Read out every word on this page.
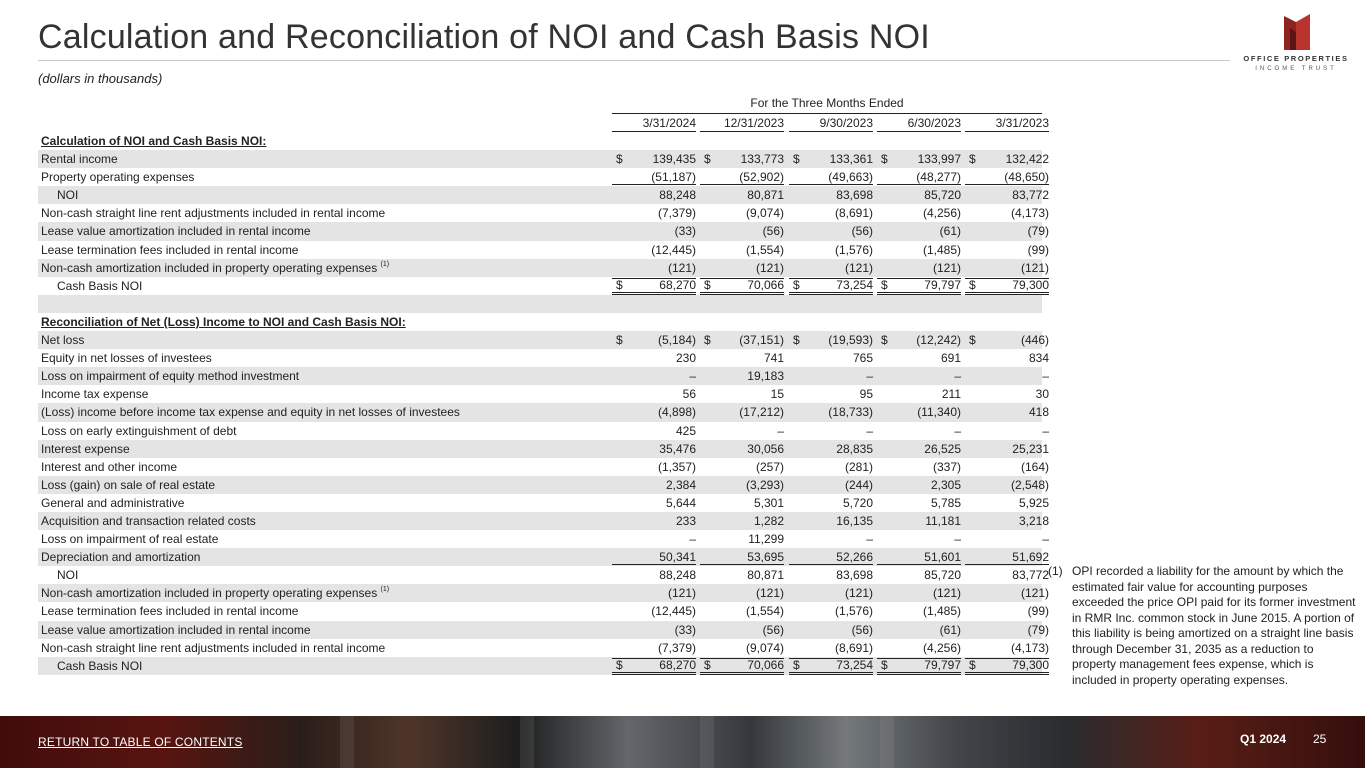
Calculation and Reconciliation of NOI and Cash Basis NOI
(dollars in thousands)
OFFICE PROPERTIES
INCOME TRUST
For the Three Months Ended
3/31/2024	12/31/2023	9/30/2023	6/30/2023	3/31/2023
Calculation of NOI and Cash Basis NOI:
Rental income	$ 139,435 $ 133,773 $ 133,361 $ 133,997 $ 132,422
Property operating expenses	(51,187)	(52,902)	(49,663)	(48,277)	(48,650)
NOI	88,248	80,871	83,698	85,720	83,772
Non-cash straight line rent adjustments included in rental income	(7,379)	(9,074)	(8,691)	(4,256)	(4,173)
Lease value amortization included in rental income	(33)	(56)	(56)	(61)	(79)
Lease termination fees included in rental income	(12,445)	(1,554)	(1,576)	(1,485)	(99)
Non-cash amortization included in property operating expenses $^{(1)}$	(121)	(121)	(121)	(121)	(121)
Cash Basis NOI	$	68,270 $	70,066 $	73,254 $	79,797 $	79,300
Reconciliation of Net (Loss) Income to NOI and Cash Basis NOI:
Net loss	$	(5,184) $ (37,151) $ (19,593) $ (12,242) $	(446)
Equity in net losses of investees	230	741	765	691	834
Loss on impairment of equity method investment	–	19,183	–	–	–
Income tax expense	56	15	95	211	30
(Loss) income before income tax expense and equity in net losses of investees	(4,898)	(17,212)	(18,733)	(11,340)	418
Loss on early extinguishment of debt	425	–	–	–	–
Interest expense	35,476	30,056	28,835	26,525	25,231
Interest and other income	(1,357)	(257)	(281)	(337)	(164)
Loss (gain) on sale of real estate	2,384	(3,293)	(244)	2,305	(2,548)
General and administrative	5,644	5,301	5,720	5,785	5,925
Acquisition and transaction related costs	233	1,282	16,135	11,181	3,218
Loss on impairment of real estate	–	11,299	–	–	–
Depreciation and amortization	50,341	53,695	52,266	51,601	51,692
NOI	88,248	80,871	83,698	85,720	83,772
Non-cash amortization included in property operating expenses $^{(1)}$	(121)	(121)	(121)	(121)	(121)
Lease termination fees included in rental income	(12,445)	(1,554)	(1,576)	(1,485)	(99)
Lease value amortization included in rental income	(33)	(56)	(56)	(61)	(79)
Non-cash straight line rent adjustments included in rental income	(7,379)	(9,074)	(8,691)	(4,256)	(4,173)
Cash Basis NOI	$	68,270 $	70,066 $	73,254 $	79,797 $	79,300
(1) OPI recorded a liability for the amount by which the estimated fair value for accounting purposes exceeded the price OPI paid for its former investment in RMR Inc. common stock in June 2015. A portion of this liability is being amortized on a straight line basis through December 31, 2035 as a reduction to property management fees expense, which is included in property operating expenses.
RETURN TO TABLE OF CONTENTS	Q1 2024 25
